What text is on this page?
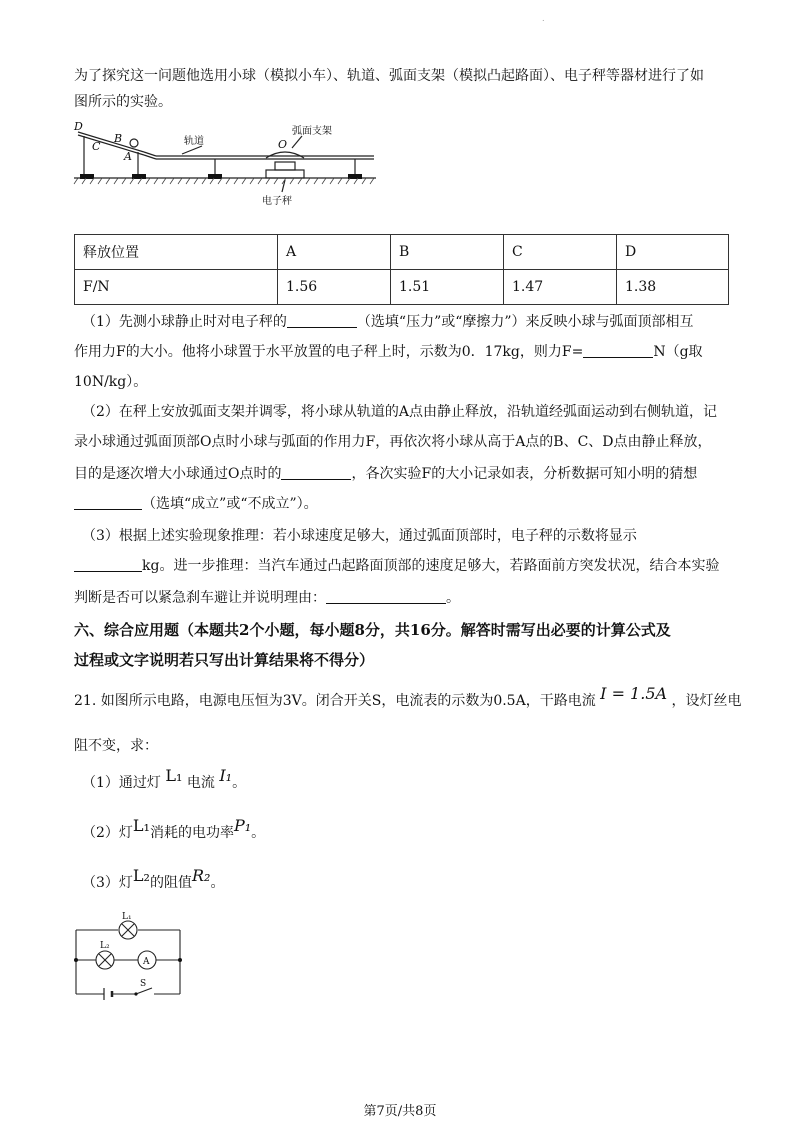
.
为了探究这一问题他选用小球（模拟小车）、轨道、弧面支架（模拟凸起路面）、电子秤等器材进行了如
图所示的实验。
D
C
B
A
O
轨道
弧面支架
电子秤
释放位置	A	B	C	D
F/N	1.56	1.51	1.47	1.38
（1）先测小球静止时对电子秤的	（选填“压力”或“摩擦力”）来反映小球与弧面顶部相互
作用力F的大小。他将小球置于水平放置的电子秤上时，示数为0．17kg，则力F=	N（g取
10N/kg）。
（2）在秤上安放弧面支架并调零，将小球从轨道的A点由静止释放，沿轨道经弧面运动到右侧轨道，记
录小球通过弧面顶部O点时小球与弧面的作用力F，再依次将小球从高于A点的B、C、D点由静止释放，
目的是逐次增大小球通过O点时的	，各次实验F的大小记录如表，分析数据可知小明的猜想
（选填“成立”或“不成立”）。
（3）根据上述实验现象推理：若小球速度足够大，通过弧面顶部时，电子秤的示数将显示
kg。进一步推理：当汽车通过凸起路面顶部的速度足够大，若路面前方突发状况，结合本实验
判断是否可以紧急刹车避让并说明理由：	。
六、综合应用题（本题共2个小题，每小题8分，共16分。解答时需写出必要的计算公式及
过程或文字说明若只写出计算结果将不得分）
21. 如图所示电路，电源电压恒为3V。闭合开关S，电流表的示数为0.5A，干路电流 I = 1.5A ，设灯丝电
阻不变，求：
（1）通过灯 L₁ 电流 I₁。
（2）灯L₁消耗的电功率P₁。
（3）灯L₂的阻值R₂。
L₁
L₂
A
S
第7页/共8页
